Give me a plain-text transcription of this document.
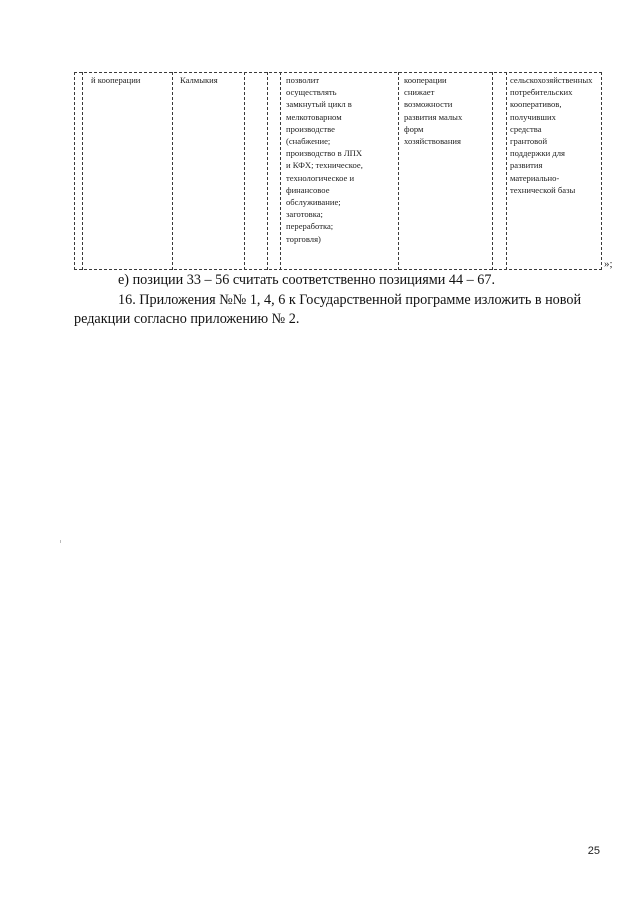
й кооперации	Калмыкия	позволит
осуществлять
замкнутый цикл в
мелкотоварном
производстве
(снабжение;
производство в ЛПХ
и КФХ; техническое,
технологическое и
финансовое
обслуживание;
заготовка;
переработка;
торговля)
кооперации
снижает
возможности
развития малых
форм
хозяйствования
сельскохозяйственных
потребительских
кооперативов,
получивших
средства
грантовой
поддержки для
развития
материально-
технической базы
»;
е) позиции 33 – 56 считать соответственно позициями 44 – 67.
16. Приложения №№ 1, 4, 6 к Государственной программе изложить в новой
редакции согласно приложению № 2.
25
